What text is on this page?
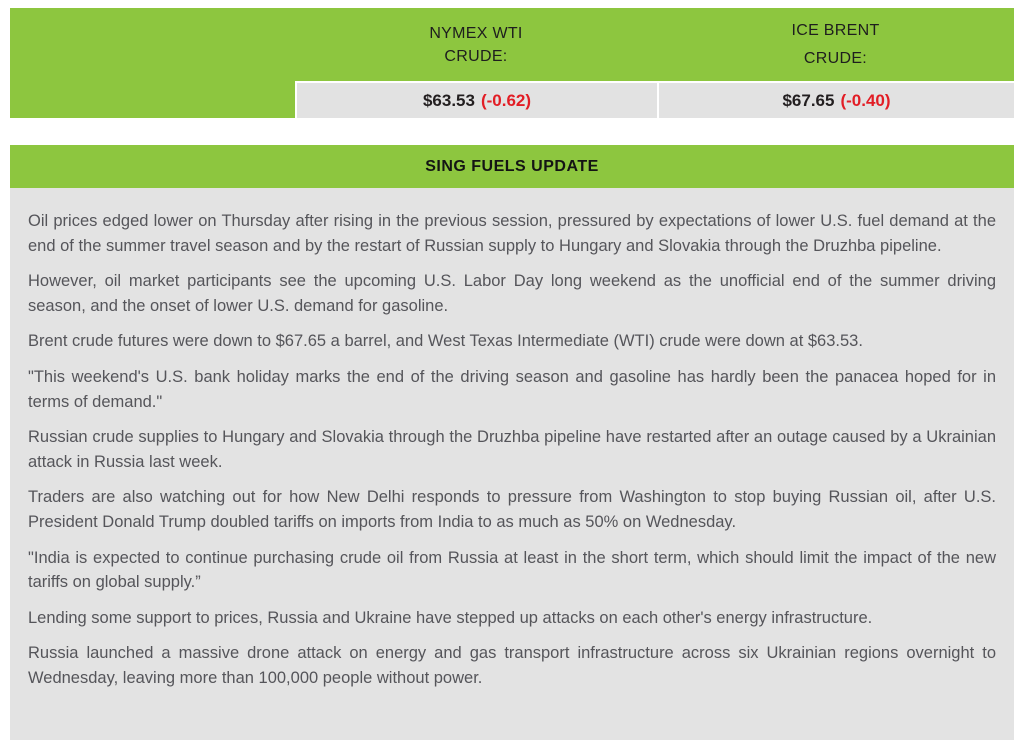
NYMEX WTI
CRUDE:
ICE BRENT
CRUDE:
$63.53 (-0.62)	$67.65 (-0.40)
SING FUELS UPDATE

Oil prices edged lower on Thursday after rising in the previous session, pressured by expectations of lower U.S. fuel demand at the end of the summer travel season and by the restart of Russian supply to Hungary and Slovakia through the Druzhba pipeline.

However, oil market participants see the upcoming U.S. Labor Day long weekend as the unofficial end of the summer driving season, and the onset of lower U.S. demand for gasoline.

Brent crude futures were down to $67.65 a barrel, and West Texas Intermediate (WTI) crude were down at $63.53.

"This weekend's U.S. bank holiday marks the end of the driving season and gasoline has hardly been the panacea hoped for in terms of demand."

Russian crude supplies to Hungary and Slovakia through the Druzhba pipeline have restarted after an outage caused by a Ukrainian attack in Russia last week.

Traders are also watching out for how New Delhi responds to pressure from Washington to stop buying Russian oil, after U.S. President Donald Trump doubled tariffs on imports from India to as much as 50% on Wednesday.

"India is expected to continue purchasing crude oil from Russia at least in the short term, which should limit the impact of the new tariffs on global supply.”

Lending some support to prices, Russia and Ukraine have stepped up attacks on each other's energy infrastructure.

Russia launched a massive drone attack on energy and gas transport infrastructure across six Ukrainian regions overnight to Wednesday, leaving more than 100,000 people without power.
